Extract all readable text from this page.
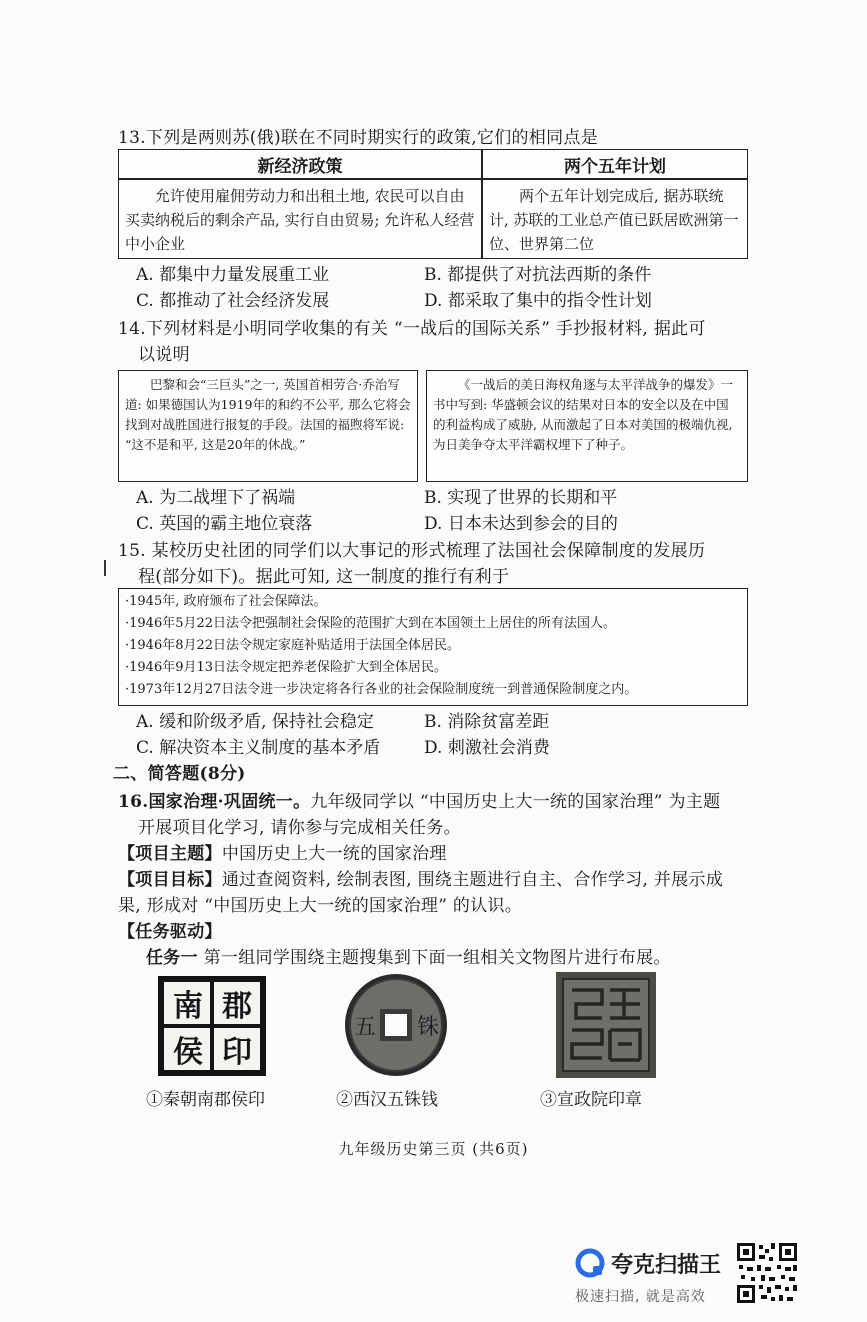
13.下列是两则苏(俄)联在不同时期实行的政策,它们的相同点是
新经济政策	两个五年计划
允许使用雇佣劳动力和出租土地, 农民可以自由买卖纳税后的剩余产品, 实行自由贸易; 允许私人经营中小企业
两个五年计划完成后, 据苏联统计, 苏联的工业总产值已跃居欧洲第一位、世界第二位
A. 都集中力量发展重工业	B. 都提供了对抗法西斯的条件
C. 都推动了社会经济发展	D. 都采取了集中的指令性计划
14.下列材料是小明同学收集的有关 “一战后的国际关系” 手抄报材料, 据此可
以说明
巴黎和会“三巨头”之一, 英国首相劳合·乔治写道: 如果德国认为1919年的和约不公平, 那么它将会找到对战胜国进行报复的手段。法国的福煦将军说: “这不是和平, 这是20年的休战。”
《一战后的美日海权角逐与太平洋战争的爆发》一书中写到: 华盛顿会议的结果对日本的安全以及在中国的利益构成了威胁, 从而激起了日本对美国的极端仇视, 为日美争夺太平洋霸权埋下了种子。
A. 为二战埋下了祸端	B. 实现了世界的长期和平
C. 英国的霸主地位衰落	D. 日本未达到参会的目的
15. 某校历史社团的同学们以大事记的形式梳理了法国社会保障制度的发展历
程(部分如下)。据此可知, 这一制度的推行有利于
·1945年, 政府颁布了社会保障法。
·1946年5月22日法令把强制社会保险的范围扩大到在本国领土上居住的所有法国人。
·1946年8月22日法令规定家庭补贴适用于法国全体居民。
·1946年9月13日法令规定把养老保险扩大到全体居民。
·1973年12月27日法令进一步决定将各行各业的社会保险制度统一到普通保险制度之内。
A. 缓和阶级矛盾, 保持社会稳定	B. 消除贫富差距
C. 解决资本主义制度的基本矛盾	D. 刺激社会消费
二、简答题(8分)
16.国家治理·巩固统一。九年级同学以 “中国历史上大一统的国家治理” 为主题
开展项目化学习, 请你参与完成相关任务。
【项目主题】中国历史上大一统的国家治理
【项目目标】通过查阅资料, 绘制表图, 围绕主题进行自主、合作学习, 并展示成
果, 形成对 “中国历史上大一统的国家治理” 的认识。
【任务驱动】
任务一 第一组同学围绕主题搜集到下面一组相关文物图片进行布展。
南 郡
侯 印
五 铢
①秦朝南郡侯印	②西汉五铢钱	③宣政院印章
九年级历史第三页 (共6页)
夸克扫描王
极速扫描, 就是高效
